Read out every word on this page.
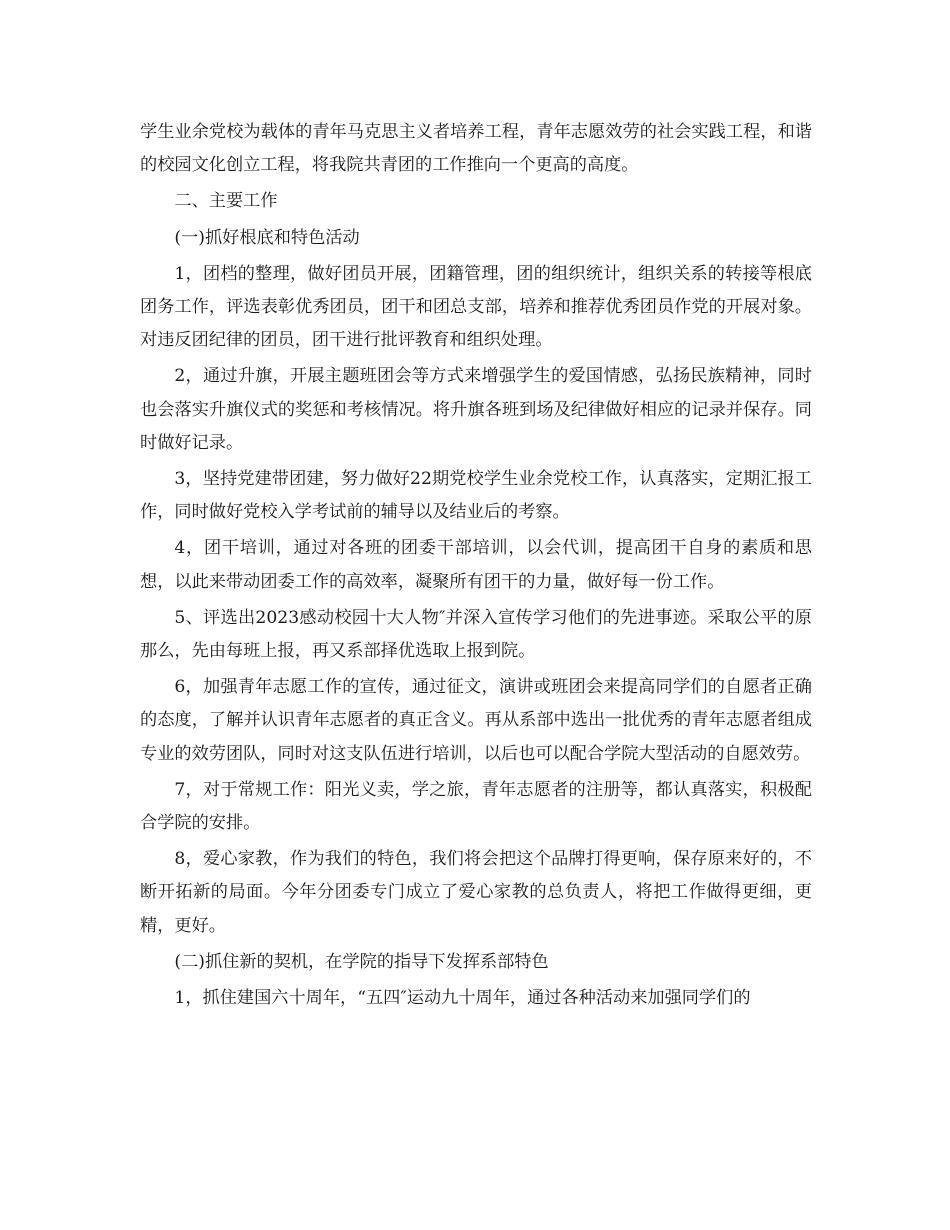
学生业余党校为载体的青年马克思主义者培养工程，青年志愿效劳的社会实践工程，和谐的校园文化创立工程，将我院共青团的工作推向一个更高的高度。

二、主要工作

(一)抓好根底和特色活动

1，团档的整理，做好团员开展，团籍管理，团的组织统计，组织关系的转接等根底团务工作，评选表彰优秀团员，团干和团总支部，培养和推荐优秀团员作党的开展对象。对违反团纪律的团员，团干进行批评教育和组织处理。

2，通过升旗，开展主题班团会等方式来增强学生的爱国情感，弘扬民族精神，同时也会落实升旗仪式的奖惩和考核情况。将升旗各班到场及纪律做好相应的记录并保存。同时做好记录。

3，坚持党建带团建，努力做好22期党校学生业余党校工作，认真落实，定期汇报工作，同时做好党校入学考试前的辅导以及结业后的考察。

4，团干培训，通过对各班的团委干部培训，以会代训，提高团干自身的素质和思想，以此来带动团委工作的高效率，凝聚所有团干的力量，做好每一份工作。

5、评选出2023感动校园十大人物″并深入宣传学习他们的先进事迹。采取公平的原那么，先由每班上报，再又系部择优选取上报到院。

6，加强青年志愿工作的宣传，通过征文，演讲或班团会来提高同学们的自愿者正确的态度，了解并认识青年志愿者的真正含义。再从系部中选出一批优秀的青年志愿者组成专业的效劳团队，同时对这支队伍进行培训，以后也可以配合学院大型活动的自愿效劳。

7，对于常规工作：阳光义卖，学之旅，青年志愿者的注册等，都认真落实，积极配合学院的安排。

8，爱心家教，作为我们的特色，我们将会把这个品牌打得更响，保存原来好的，不断开拓新的局面。今年分团委专门成立了爱心家教的总负责人，将把工作做得更细，更精，更好。

(二)抓住新的契机，在学院的指导下发挥系部特色

1，抓住建国六十周年，“五四″运动九十周年，通过各种活动来加强同学们的
